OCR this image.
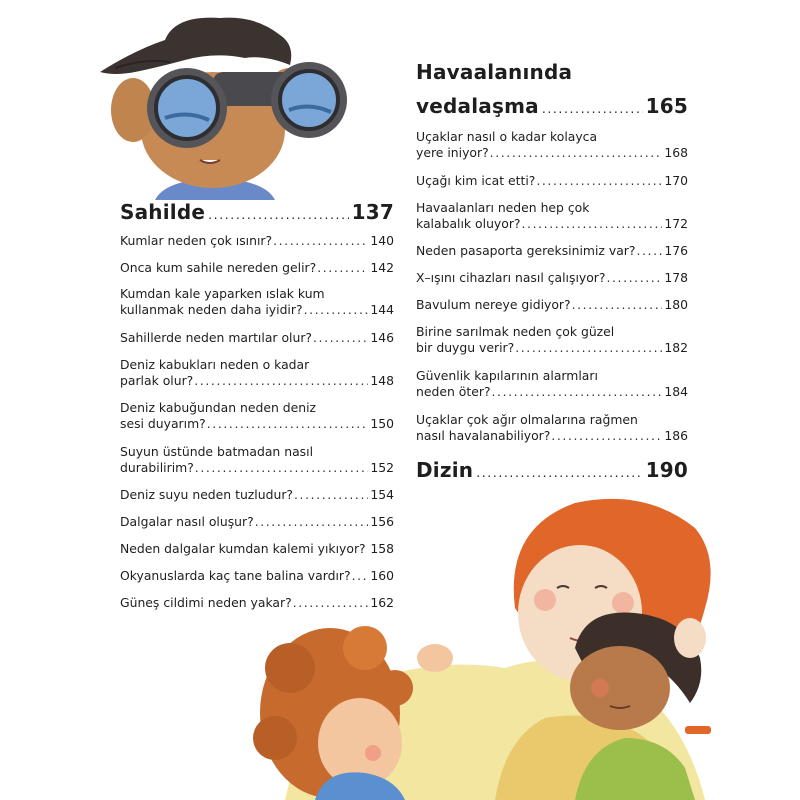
Sahilde .....	137
Kumlar neden çok ısınır? .....	140
Onca kum sahile nereden gelir? .....	142
Kumdan kale yaparken ıslak kum
kullanmak neden daha iyidir? .....	144
Sahillerde neden martılar olur? .....	146
Deniz kabukları neden o kadar
parlak olur? .....	148
Deniz kabuğundan neden deniz
sesi duyarım? .....	150
Suyun üstünde batmadan nasıl
durabilirim? .....	152
Deniz suyu neden tuzludur? .....	154
Dalgalar nasıl oluşur? .....	156
Neden dalgalar kumdan kalemi yıkıyor? ..... 158
Okyanuslarda kaç tane balina vardır? ..... 160
Güneş cildimi neden yakar? .....	162
Havaalanında
vedalaşma .....	165
Uçaklar nasıl o kadar kolayca
yere iniyor? .....	168
Uçağı kim icat etti? .....	170
Havaalanları neden hep çok
kalabalık oluyor? .....	172
Neden pasaporta gereksinimiz var? ..... 176
X–ışını cihazları nasıl çalışıyor? .....	178
Bavulum nereye gidiyor? .....	180
Birine sarılmak neden çok güzel
bir duygu verir? .....	182
Güvenlik kapılarının alarmları
neden öter? .....	184
Uçaklar çok ağır olmalarına rağmen
nasıl havalanabiliyor? .....	186
Dizin .....	190
